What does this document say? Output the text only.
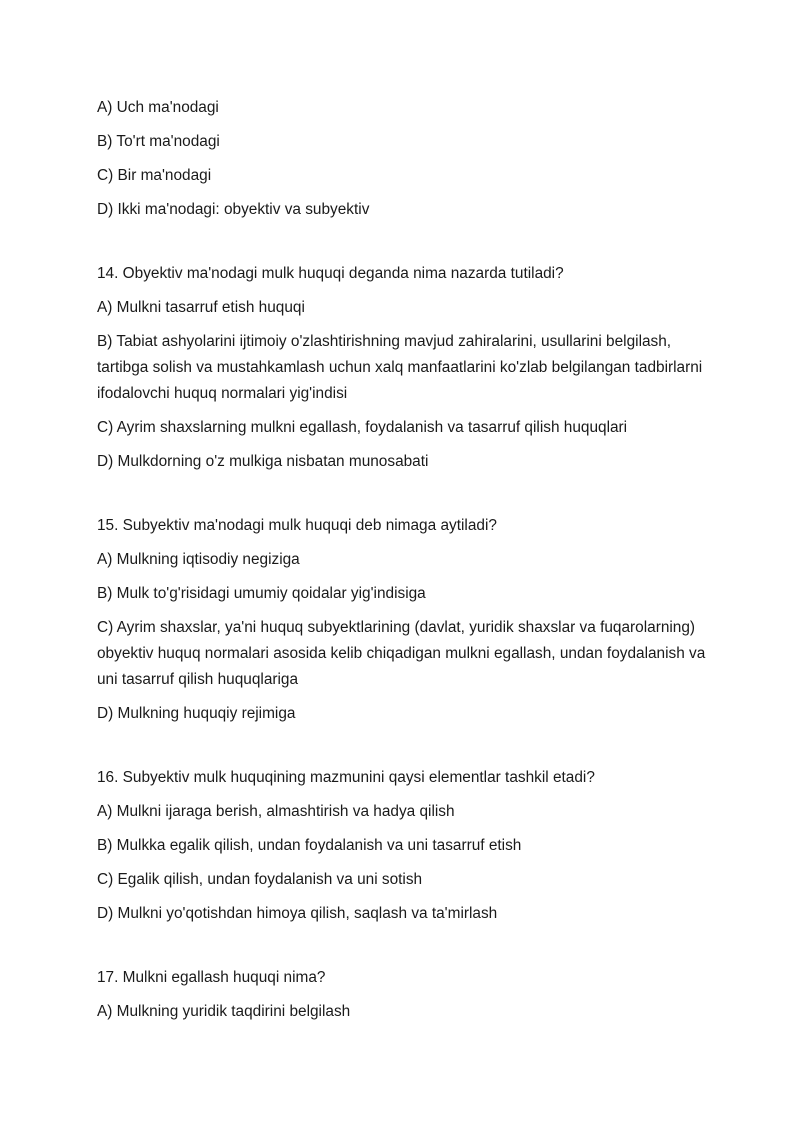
A) Uch ma'nodagi
B) To'rt ma'nodagi
C) Bir ma'nodagi
D) Ikki ma'nodagi: obyektiv va subyektiv
14. Obyektiv ma'nodagi mulk huquqi deganda nima nazarda tutiladi?
A) Mulkni tasarruf etish huquqi
B) Tabiat ashyolarini ijtimoiy o'zlashtirishning mavjud zahiralarini, usullarini belgilash, tartibga solish va mustahkamlash uchun xalq manfaatlarini ko'zlab belgilangan tadbirlarni ifodalovchi huquq normalari yig'indisi
C) Ayrim shaxslarning mulkni egallash, foydalanish va tasarruf qilish huquqlari
D) Mulkdorning o'z mulkiga nisbatan munosabati
15. Subyektiv ma'nodagi mulk huquqi deb nimaga aytiladi?
A) Mulkning iqtisodiy negiziga
B) Mulk to'g'risidagi umumiy qoidalar yig'indisiga
C) Ayrim shaxslar, ya'ni huquq subyektlarining (davlat, yuridik shaxslar va fuqarolarning) obyektiv huquq normalari asosida kelib chiqadigan mulkni egallash, undan foydalanish va uni tasarruf qilish huquqlariga
D) Mulkning huquqiy rejimiga
16. Subyektiv mulk huquqining mazmunini qaysi elementlar tashkil etadi?
A) Mulkni ijaraga berish, almashtirish va hadya qilish
B) Mulkka egalik qilish, undan foydalanish va uni tasarruf etish
C) Egalik qilish, undan foydalanish va uni sotish
D) Mulkni yo'qotishdan himoya qilish, saqlash va ta'mirlash
17. Mulkni egallash huquqi nima?
A) Mulkning yuridik taqdirini belgilash
